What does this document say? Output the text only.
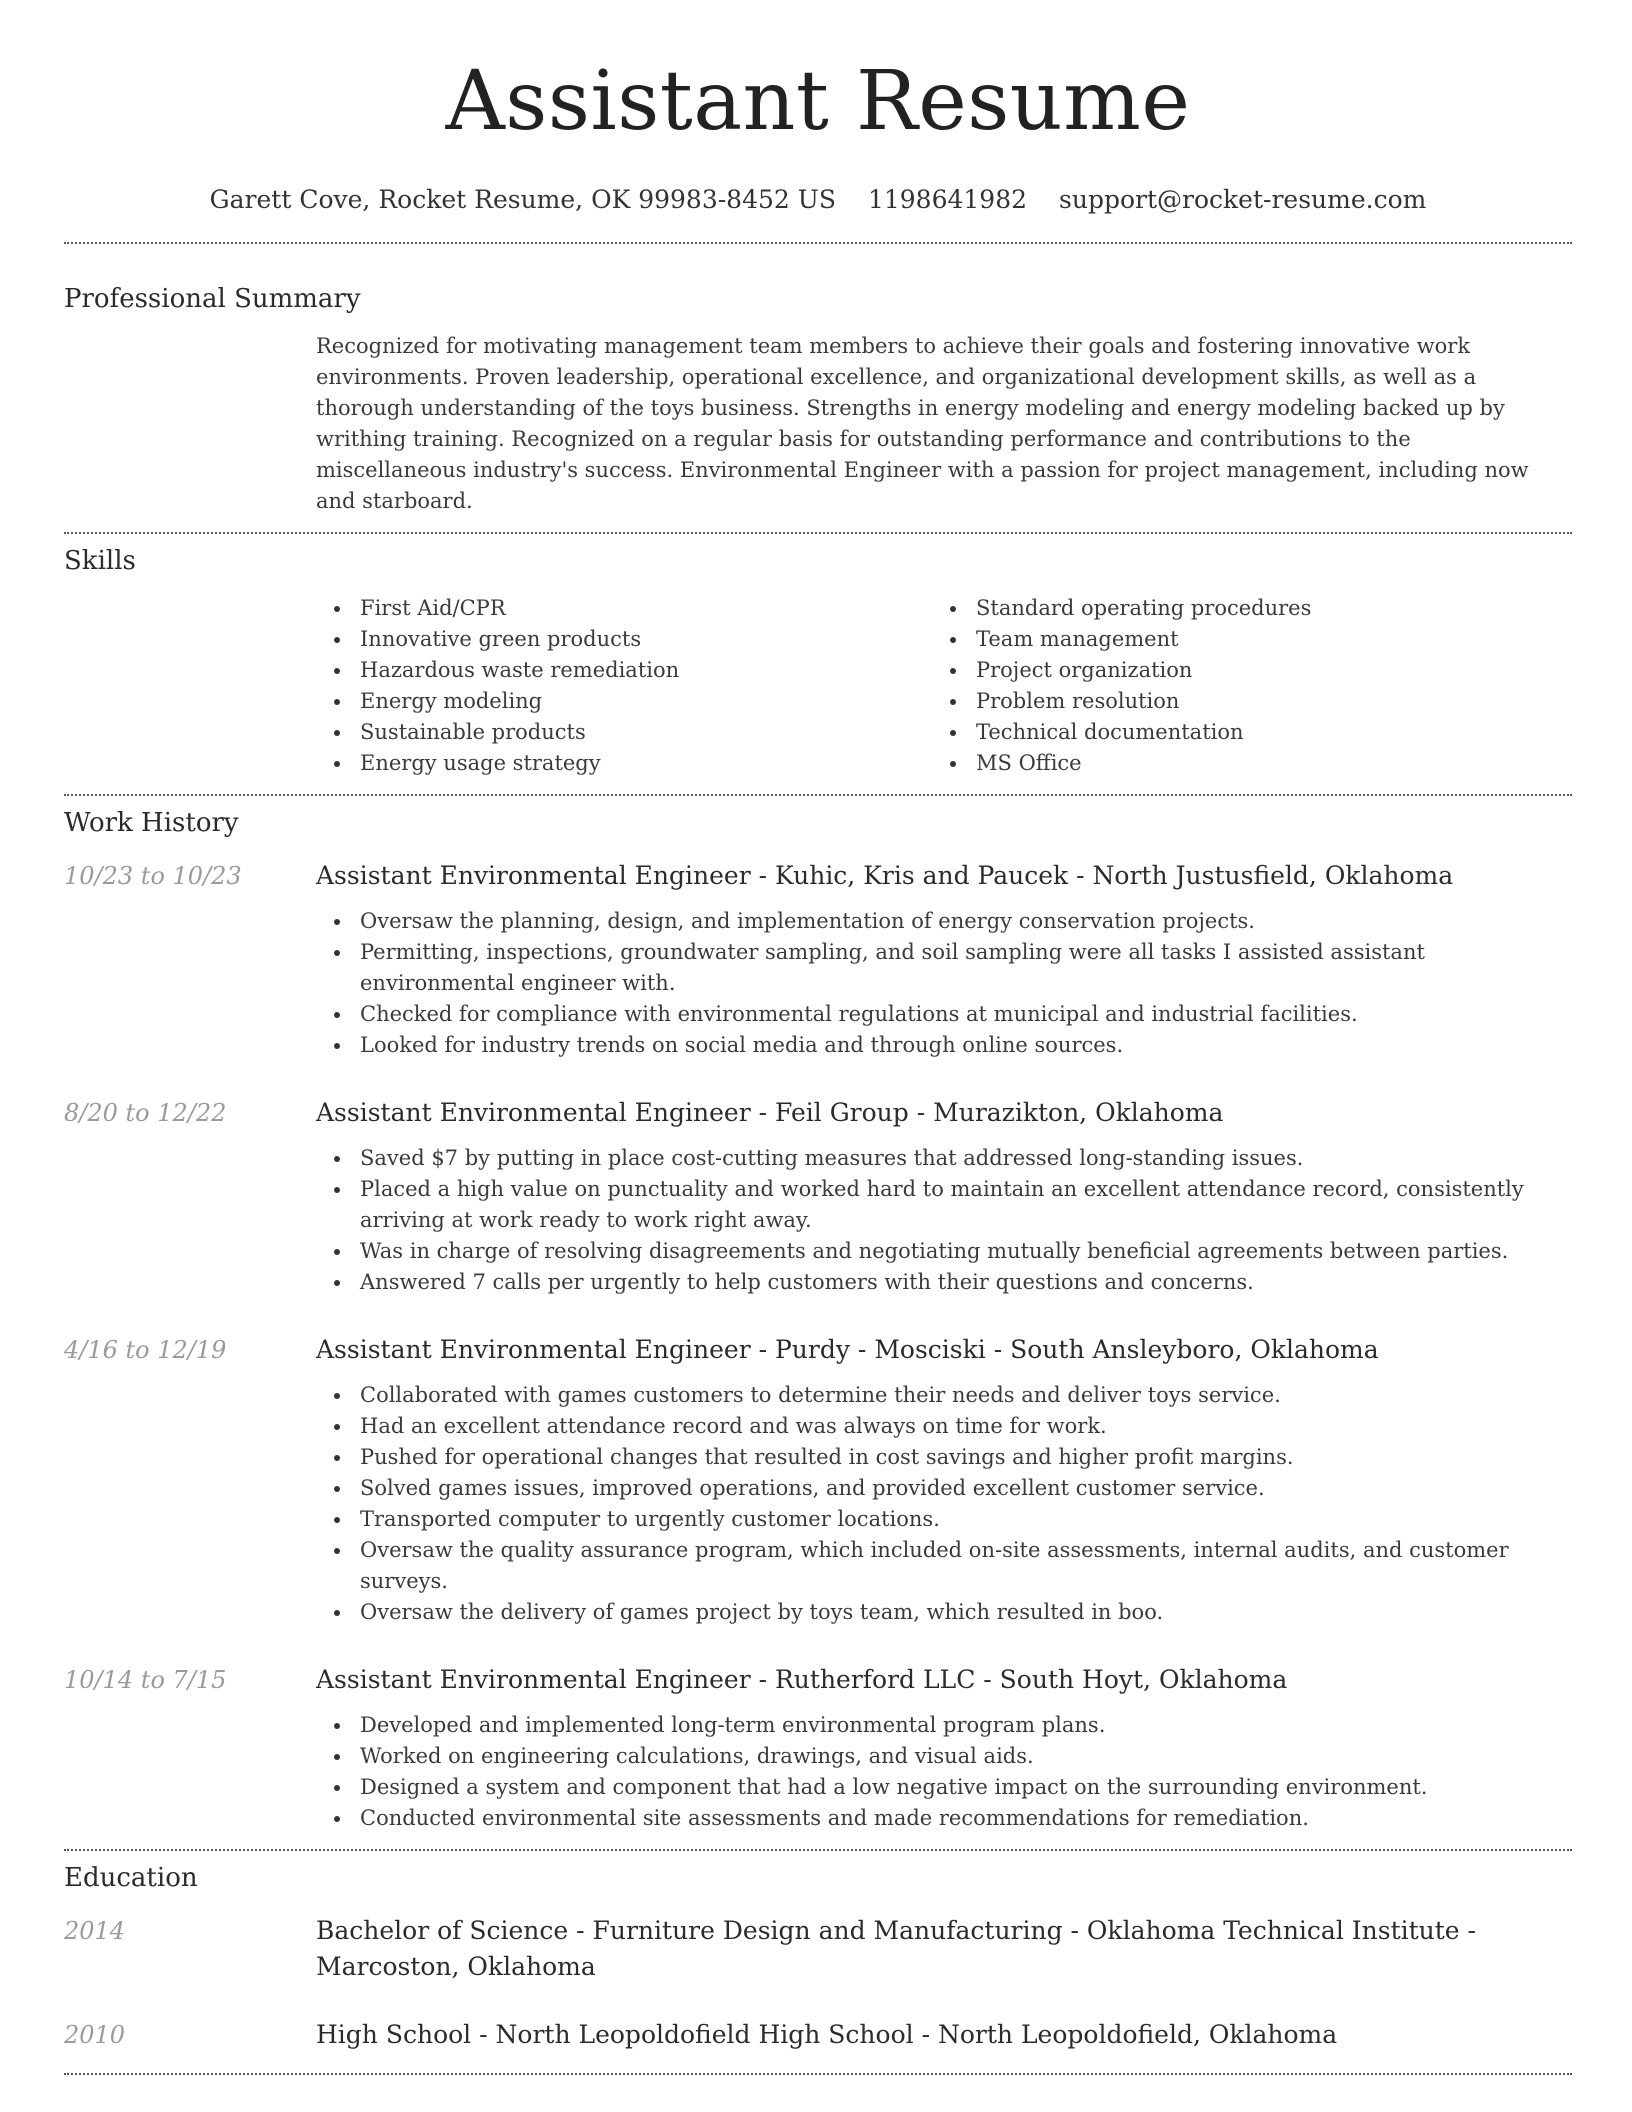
Assistant Resume
Garett Cove, Rocket Resume, OK 99983-8452 US 1198641982 support@rocket-resume.com
Professional Summary

Recognized for motivating management team members to achieve their goals and fostering innovative work environments. Proven leadership, operational excellence, and organizational development skills, as well as a thorough understanding of the toys business. Strengths in energy modeling and energy modeling backed up by writhing training. Recognized on a regular basis for outstanding performance and contributions to the miscellaneous industry's success. Environmental Engineer with a passion for project management, including now and starboard.

Skills
First Aid/CPR
Innovative green products
Hazardous waste remediation
Energy modeling
Sustainable products
Energy usage strategy
Standard operating procedures
Team management
Project organization
Problem resolution
Technical documentation
MS Office
Work History
10/23 to 10/23	Assistant Environmental Engineer - Kuhic, Kris and Paucek - North Justusfield, Oklahoma
Oversaw the planning, design, and implementation of energy conservation projects.
Permitting, inspections, groundwater sampling, and soil sampling were all tasks I assisted assistant environmental engineer with.
Checked for compliance with environmental regulations at municipal and industrial facilities.
Looked for industry trends on social media and through online sources.
8/20 to 12/22	Assistant Environmental Engineer - Feil Group - Murazikton, Oklahoma
Saved $7 by putting in place cost-cutting measures that addressed long-standing issues.
Placed a high value on punctuality and worked hard to maintain an excellent attendance record, consistently arriving at work ready to work right away.
Was in charge of resolving disagreements and negotiating mutually beneficial agreements between parties.
Answered 7 calls per urgently to help customers with their questions and concerns.
4/16 to 12/19	Assistant Environmental Engineer - Purdy - Mosciski - South Ansleyboro, Oklahoma
Collaborated with games customers to determine their needs and deliver toys service.
Had an excellent attendance record and was always on time for work.
Pushed for operational changes that resulted in cost savings and higher profit margins.
Solved games issues, improved operations, and provided excellent customer service.
Transported computer to urgently customer locations.
Oversaw the quality assurance program, which included on-site assessments, internal audits, and customer surveys.
Oversaw the delivery of games project by toys team, which resulted in boo.
10/14 to 7/15	Assistant Environmental Engineer - Rutherford LLC - South Hoyt, Oklahoma
Developed and implemented long-term environmental program plans.
Worked on engineering calculations, drawings, and visual aids.
Designed a system and component that had a low negative impact on the surrounding environment.
Conducted environmental site assessments and made recommendations for remediation.
Education
2014	Bachelor of Science - Furniture Design and Manufacturing - Oklahoma Technical Institute - Marcoston, Oklahoma
2010	High School - North Leopoldofield High School - North Leopoldofield, Oklahoma
